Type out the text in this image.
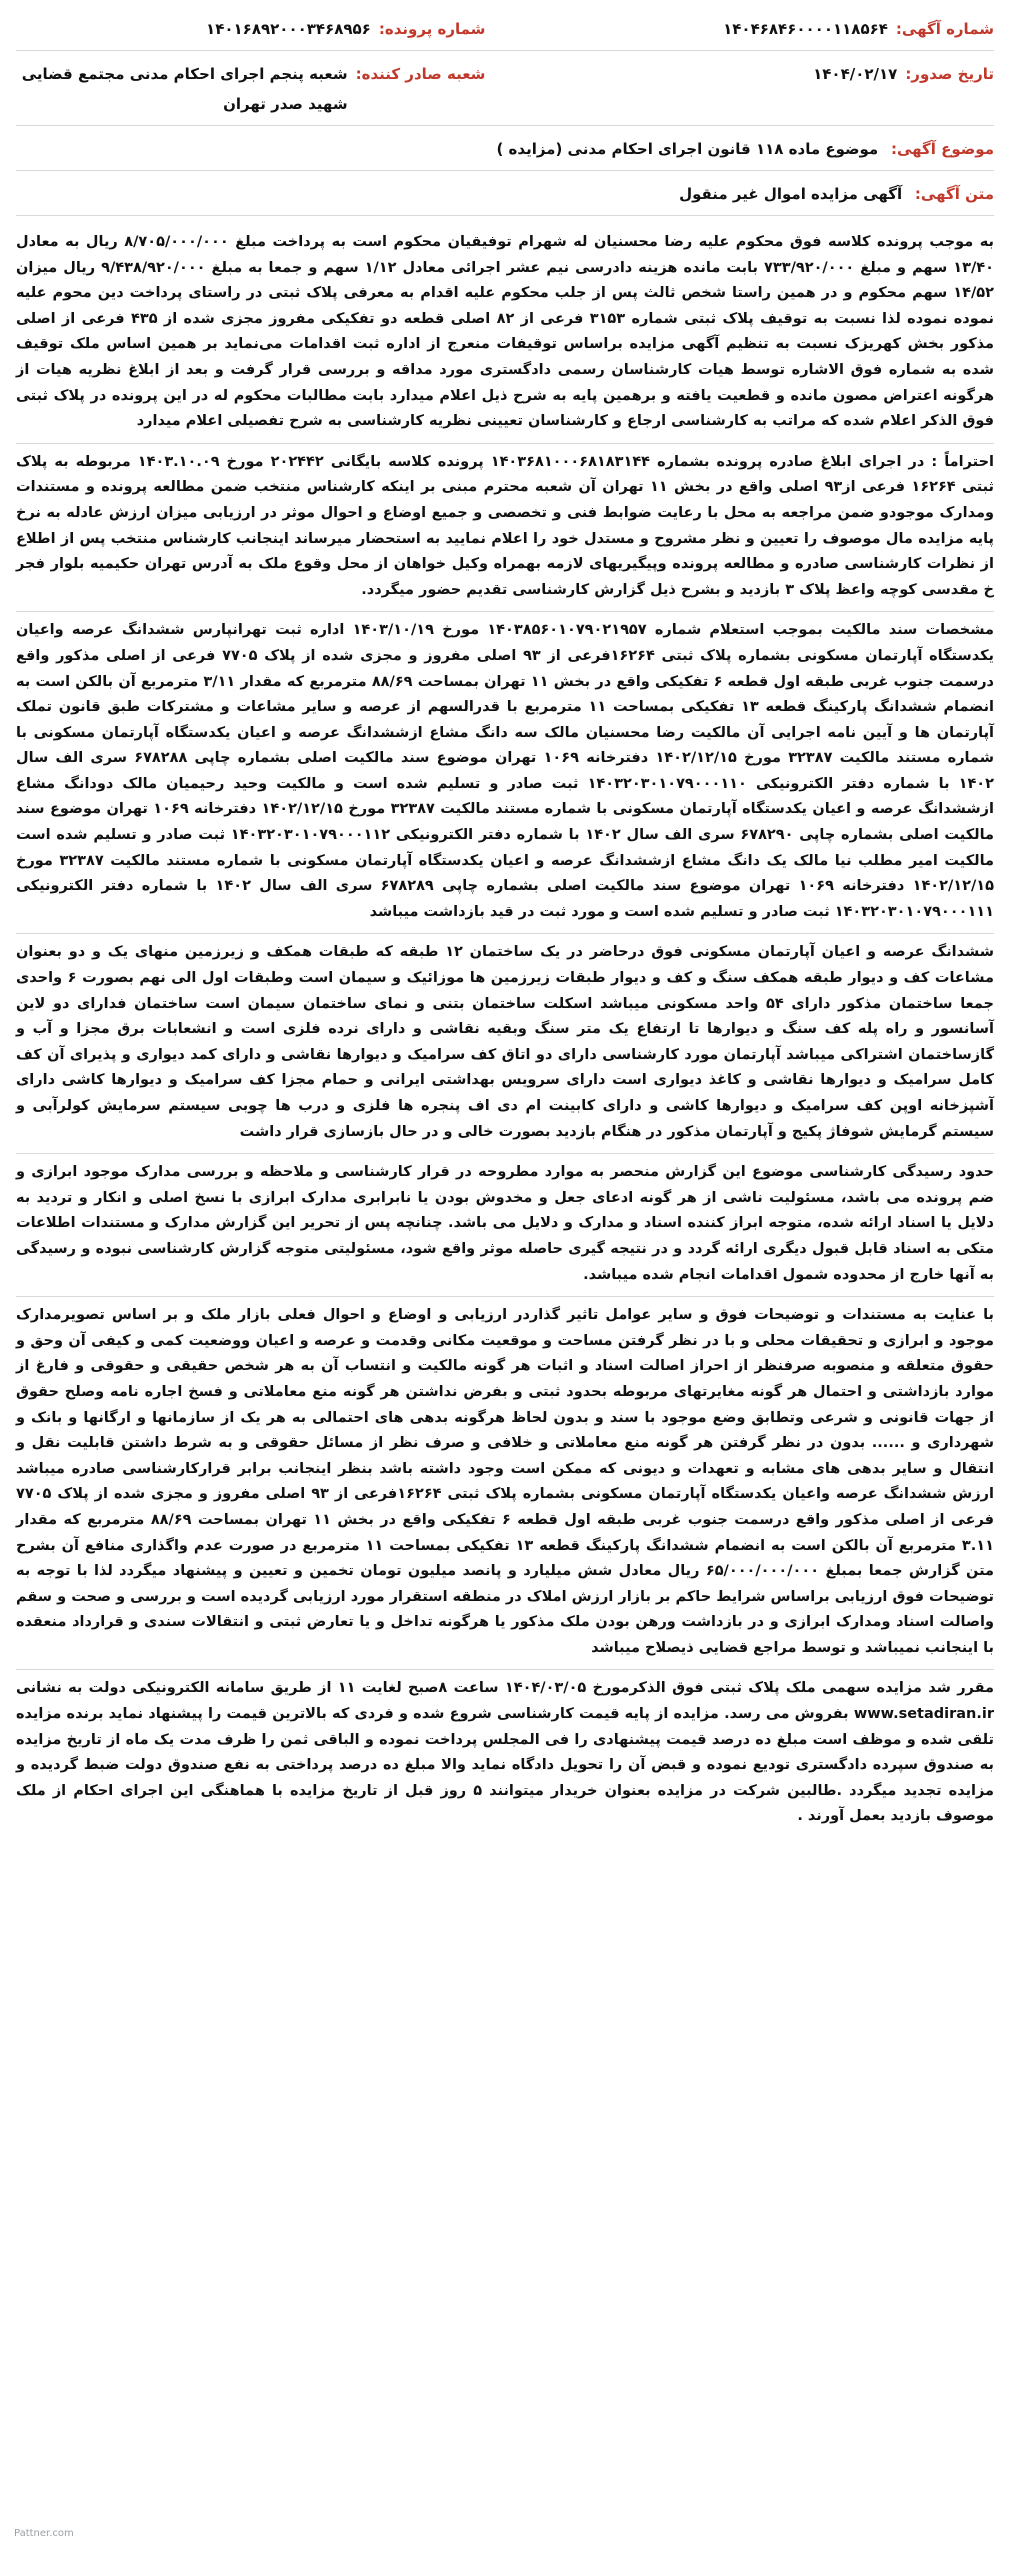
شماره آگهی:
۱۴۰۴۶۸۴۶۰۰۰۰۱۱۸۵۶۴
شماره پرونده:
۱۴۰۱۶۸۹۲۰۰۰۳۴۶۸۹۵۶
تاریخ صدور:
۱۴۰۴/۰۲/۱۷
شعبه صادر کننده:
شعبه پنجم اجرای احکام مدنی مجتمع قضایی شهید صدر تهران
موضوع آگهی: موضوع ماده ۱۱۸ قانون اجرای احکام مدنی (مزایده )
متن آگهی: آگهی مزایده اموال غیر منقول

به موجب پرونده کلاسه فوق محکوم علیه رضا محسنیان له شهرام توفیقیان محکوم است به پرداخت مبلغ ۸/۷۰۵/۰۰۰/۰۰۰ ریال به معادل ۱۳/۴۰ سهم و مبلغ ۷۳۳/۹۲۰/۰۰۰ بابت مانده هزینه دادرسی نیم عشر اجرائی معادل ۱/۱۲ سهم و جمعا به مبلغ ۹/۴۳۸/۹۲۰/۰۰۰ ریال میزان ۱۴/۵۲ سهم محکوم و در همین راستا شخص ثالث پس از جلب محکوم علیه اقدام به معرفی پلاک ثبتی در راستای پرداخت دین محوم علیه نموده نموده لذا نسبت به توقیف پلاک ثبتی شماره ۳۱۵۳ فرعی از ۸۲ اصلی قطعه دو تفکیکی مفروز مجزی شده از ۴۳۵ فرعی از اصلی مذکور بخش کهریزک نسبت به تنظیم آگهی مزایده براساس توقیفات منعرج از اداره ثبت اقدامات می‌نماید بر همین اساس ملک توقیف شده به شماره فوق الاشاره توسط هیات کارشناسان رسمی دادگستری مورد مداقه و بررسی قرار گرفت و بعد از ابلاغ نظریه هیات از هرگونه اعتراض مصون مانده و قطعیت یافته و برهمین پایه به شرح ذیل اعلام میدارد بابت مطالبات محکوم له در این پرونده در پلاک ثبتی فوق الذکر اعلام شده که مراتب به کارشناسی ارجاع و کارشناسان تعیینی نظریه کارشناسی به شرح تفصیلی اعلام میدارد

احتراماً : در اجرای ابلاغ صادره پرونده بشماره ۱۴۰۳۶۸۱۰۰۰۶۸۱۸۳۱۴۴ پرونده کلاسه بایگانی ۲۰۲۴۴۲ مورخ ۱۴۰۳.۱۰.۰۹ مربوطه به پلاک ثبتی ۱۶۲۶۴ فرعی از۹۳ اصلی واقع در بخش ۱۱ تهران آن شعبه محترم مبنی بر اینکه کارشناس منتخب ضمن مطالعه پرونده و مستندات ومدارک موجودو ضمن مراجعه به محل با رعایت ضوابط فنی و تخصصی و جمیع اوضاع و احوال موثر در ارزیابی میزان ارزش عادله به نرخ پایه مزایده مال موصوف را تعیین و نظر مشروح و مستدل خود را اعلام نمایید به استحضار میرساند اینجانب کارشناس منتخب پس از اطلاع از نظرات کارشناسی صادره و مطالعه پرونده وپیگیریهای لازمه بهمراه وکیل خواهان از محل وقوع ملک به آدرس تهران حکیمیه بلوار فجر خ مقدسی کوچه واعظ پلاک ۳ بازدید و بشرح ذیل گزارش کارشناسی تقدیم حضور میگردد.

مشخصات سند مالکیت بموجب استعلام شماره ۱۴۰۳۸۵۶۰۱۰۷۹۰۲۱۹۵۷ مورخ ۱۴۰۳/۱۰/۱۹ اداره ثبت تهرانپارس ششدانگ عرصه واعیان یکدستگاه آپارتمان مسکونی بشماره پلاک ثبتی ۱۶۲۶۴فرعی از ۹۳ اصلی مفروز و مجزی شده از پلاک ۷۷۰۵ فرعی از اصلی مذکور واقع درسمت جنوب غربی طبقه اول قطعه ۶ تفکیکی واقع در بخش ۱۱ تهران بمساحت ۸۸/۶۹ مترمربع که مقدار ۳/۱۱ مترمربع آن بالکن است به انضمام ششدانگ پارکینگ قطعه ۱۳ تفکیکی بمساحت ۱۱ مترمربع با قدرالسهم از عرصه و سایر مشاعات و مشترکات طبق قانون تملک آپارتمان ها و آیین نامه اجرایی آن مالکیت رضا محسنیان مالک سه دانگ مشاع ازششدانگ عرصه و اعیان یکدستگاه آپارتمان مسکونی با شماره مستند مالکیت ۳۲۳۸۷ مورخ ۱۴۰۲/۱۲/۱۵ دفترخانه ۱۰۶۹ تهران موضوع سند مالکیت اصلی بشماره چاپی ۶۷۸۲۸۸ سری الف سال ۱۴۰۲ با شماره دفتر الکترونیکی ۱۴۰۳۲۰۳۰۱۰۷۹۰۰۰۱۱۰ ثبت صادر و تسلیم شده است و مالکیت وحید رحیمیان مالک دودانگ مشاع ازششدانگ عرصه و اعیان یکدستگاه آپارتمان مسکونی با شماره مستند مالکیت ۳۲۳۸۷ مورخ ۱۴۰۲/۱۲/۱۵ دفترخانه ۱۰۶۹ تهران موضوع سند مالکیت اصلی بشماره چاپی ۶۷۸۲۹۰ سری الف سال ۱۴۰۲ با شماره دفتر الکترونیکی ۱۴۰۳۲۰۳۰۱۰۷۹۰۰۰۱۱۲ ثبت صادر و تسلیم شده است مالکیت امیر مطلب نیا مالک یک دانگ مشاع ازششدانگ عرصه و اعیان یکدستگاه آپارتمان مسکونی با شماره مستند مالکیت ۳۲۳۸۷ مورخ ۱۴۰۲/۱۲/۱۵ دفترخانه ۱۰۶۹ تهران موضوع سند مالکیت اصلی بشماره چاپی ۶۷۸۲۸۹ سری الف سال ۱۴۰۲ با شماره دفتر الکترونیکی ۱۴۰۳۲۰۳۰۱۰۷۹۰۰۰۱۱۱ ثبت صادر و تسلیم شده است و مورد ثبت در قید بازداشت میباشد

ششدانگ عرصه و اعیان آپارتمان مسکونی فوق درحاضر در یک ساختمان ۱۲ طبقه که طبقات همکف و زیرزمین منهای یک و دو بعنوان مشاعات کف و دیوار طبقه همکف سنگ و کف و دیوار طبقات زیرزمین ها موزائیک و سیمان است وطبقات اول الی نهم بصورت ۶ واحدی جمعا ساختمان مذکور دارای ۵۴ واحد مسکونی میباشد اسکلت ساختمان بتنی و نمای ساختمان سیمان است ساختمان فدارای دو لاین آسانسور و راه پله کف سنگ و دیوارها تا ارتفاع یک متر سنگ وبقیه نقاشی و دارای نرده فلزی است و انشعابات برق مجزا و آب و گازساختمان اشتراکی میباشد آپارتمان مورد کارشناسی دارای دو اتاق کف سرامیک و دیوارها نقاشی و دارای کمد دیواری و پذیرای آن کف کامل سرامیک و دیوارها نقاشی و کاغذ دیواری است دارای سرویس بهداشتی ایرانی و حمام مجزا کف سرامیک و دیوارها کاشی دارای آشپزخانه اوپن کف سرامیک و دیوارها کاشی و دارای کابینت ام دی اف پنجره ها فلزی و درب ها چوبی سیستم سرمایش کولرآبی و سیستم گرمایش شوفاژ پکیج و آپارتمان مذکور در هنگام بازدید بصورت خالی و در حال بازسازی قرار داشت

حدود رسیدگی کارشناسی موضوع این گزارش منحصر به موارد مطروحه در قرار کارشناسی و ملاحظه و بررسی مدارک موجود ابرازی و ضم پرونده می باشد، مسئولیت ناشی از هر گونه ادعای جعل و مخدوش بودن یا نابرابری مدارک ابرازی با نسخ اصلی و انکار و تردید به دلایل یا اسناد ارائه شده، متوجه ابراز کننده اسناد و مدارک و دلایل می باشد. چنانچه پس از تحریر این گزارش مدارک و مستندات اطلاعات متکی به اسناد قابل قبول دیگری ارائه گردد و در نتیجه گیری حاصله موثر واقع شود، مسئولیتی متوجه گزارش کارشناسی نبوده و رسیدگی به آنها خارج از محدوده شمول اقدامات انجام شده میباشد.

با عنایت به مستندات و توضیحات فوق و سایر عوامل تاثیر گذاردر ارزیابی و اوضاع و احوال فعلی بازار ملک و بر اساس تصویرمدارک موجود و ابرازی و تحقیقات محلی و با در نظر گرفتن مساحت و موقعیت مکانی وقدمت و عرصه و اعیان ووضعیت کمی و کیفی آن وحق و حقوق متعلقه و منصوبه صرفنظر از احراز اصالت اسناد و اثبات هر گونه مالکیت و انتساب آن به هر شخص حقیقی و حقوقی و فارغ از موارد بازداشتی و احتمال هر گونه مغایرتهای مربوطه بحدود ثبتی و بفرض نداشتن هر گونه منع معاملاتی و فسخ اجاره نامه وصلح حقوق از جهات قانونی و شرعی وتطابق وضع موجود با سند و بدون لحاظ هرگونه بدهی های احتمالی به هر یک از سازمانها و ارگانها و بانک و شهرداری و ...... بدون در نظر گرفتن هر گونه منع معاملاتی و خلافی و صرف نظر از مسائل حقوقی و به شرط داشتن قابلیت نقل و انتقال و سایر بدهی های مشابه و تعهدات و دیونی که ممکن است وجود داشته باشد بنظر اینجانب برابر قرارکارشناسی صادره میباشد ارزش ششدانگ عرصه واعیان یکدستگاه آپارتمان مسکونی بشماره پلاک ثبتی ۱۶۲۶۴فرعی از ۹۳ اصلی مفروز و مجزی شده از پلاک ۷۷۰۵ فرعی از اصلی مذکور واقع درسمت جنوب غربی طبقه اول قطعه ۶ تفکیکی واقع در بخش ۱۱ تهران بمساحت ۸۸/۶۹ مترمربع که مقدار ۳.۱۱ مترمربع آن بالکن است به انضمام ششدانگ پارکینگ قطعه ۱۳ تفکیکی بمساحت ۱۱ مترمربع در صورت عدم واگذاری منافع آن بشرح متن گزارش جمعا بمبلغ ۶۵/۰۰۰/۰۰۰/۰۰۰ ریال معادل شش میلیارد و پانصد میلیون تومان تخمین و تعیین و پیشنهاد میگردد لذا با توجه به توضیحات فوق ارزیابی براساس شرایط حاکم بر بازار ارزش املاک در منطقه استقرار مورد ارزیابی گردیده است و بررسی و صحت و سقم واصالت اسناد ومدارک ابرازی و در بازداشت ورهن بودن ملک مذکور یا هرگونه تداخل و یا تعارض ثبتی و انتقالات سندی و قرارداد منعقده با اینجانب نمیباشد و توسط مراجع قضایی ذیصلاح میباشد

مقرر شد مزایده سهمی ملک پلاک ثبتی فوق الذکرمورخ ۱۴۰۴/۰۳/۰۵ ساعت ۸صبح لغایت ۱۱ از طریق سامانه الکترونیکی دولت به نشانی www.setadiran.ir بفروش می رسد. مزایده از پایه قیمت کارشناسی شروع شده و فردی که بالاترین قیمت را پیشنهاد نماید برنده مزایده تلقی شده و موظف است مبلغ ده درصد قیمت پیشنهادی را فی المجلس پرداخت نموده و الباقی ثمن را ظرف مدت یک ماه از تاریخ مزایده به صندوق سپرده دادگستری تودیع نموده و قبض آن را تحویل دادگاه نماید والا مبلغ ده درصد پرداختی به نفع صندوق دولت ضبط گردیده و مزایده تجدید میگردد .طالبین شرکت در مزایده بعنوان خریدار میتوانند ۵ روز قبل از تاریخ مزایده با هماهنگی این اجرای احکام از ملک موصوف بازدید بعمل آورند .

Pattner.com
